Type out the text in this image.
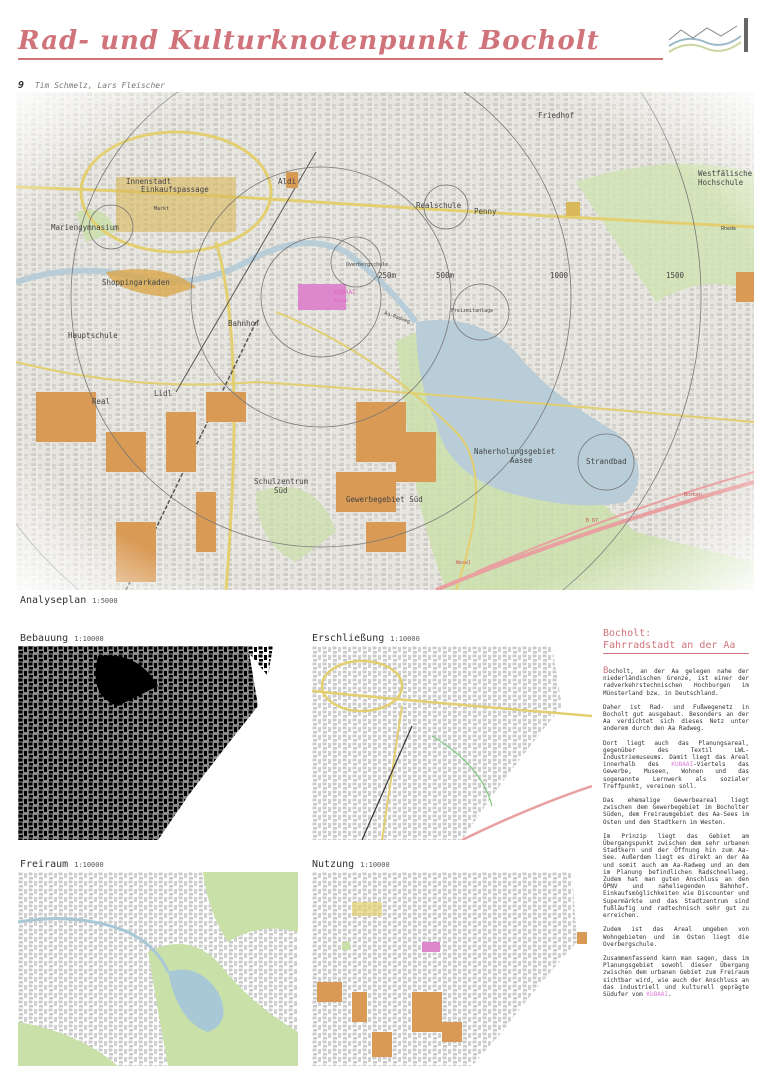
Rad- und Kulturknotenpunkt Bocholt
9 Tim Schmelz, Lars Fleischer
Friedhof
Westfälische Hochschule
Innenstadt
Einkaufspassage
Markt
Aldi
Realschule
Penny
Mariengymnasium
Shoppingarkaden
Overbergschule
250m	500m	1000	1500
KUBAAI
Museum
Aa-Radweg	Freizeitanlage
Hauptschule
Bahnhof
Real
Lidl
Naherholungsgebiet Aasee	Strandbad
Schulzentrum Süd
Gewerbegebiet Süd
Rhede
Borken
B 67
Wesel
Analyseplan 1:5000
Bebauung 1:10000	Erschließung 1:10000
Freiraum 1:10000	Nutzung 1:10000
Bocholt:
Fahrradstadt an der Aa

Bocholt, an der Aa gelegen nahe der niederländischen Grenze, ist einer der radverkehrstechnischen Hochburgen im Münsterland bzw. in Deutschland.

Daher ist Rad- und Fußwegenetz in Bocholt gut ausgebaut. Besonders an der Aa verdichtet sich dieses Netz unter anderem durch den Aa Radweg.

Dort liegt auch das Planungsareal, gegenüber des Textil LWL-Industriemuseums. Damit liegt das Areal innerhalb des KUBAAI-Viertels das Gewerbe, Museen, Wohnen und das sogenannte Lernwerk als sozialer Treffpunkt, vereinen soll.

Das ehemalige Gewerbeareal liegt zwischen dem Gewerbegebiet im Bocholter Süden, dem Freiraumgebiet des Aa-Sees im Osten und dem Stadtkern im Westen.

Im Prinzip liegt das Gebiet am Übergangspunkt zwischen dem sehr urbanen Stadtkern und der Öffnung hin zum Aa-See. Außerdem liegt es direkt an der Aa und somit auch am Aa-Radweg und an dem im Planung befindlichen Radschnellweg. Zudem hat man guten Anschluss an den ÖPNV und naheliegenden Bahnhof. Einkaufsmöglichkeiten wie Discounter und Supermärkte und das Stadtzentrum sind fußläufig und radtechnisch sehr gut zu erreichen.

Zudem ist das Areal umgeben von Wohngebieten und im Osten liegt die Overbergschule.

Zusammenfassend kann man sagen, dass im Planungsgebiet sowohl dieser Übergang zwischen dem urbanen Gebiet zum Freiraum sichtbar wird, wie auch der Anschluss an das industriell und kulturell geprägte Südufer vom KUBAAI.
